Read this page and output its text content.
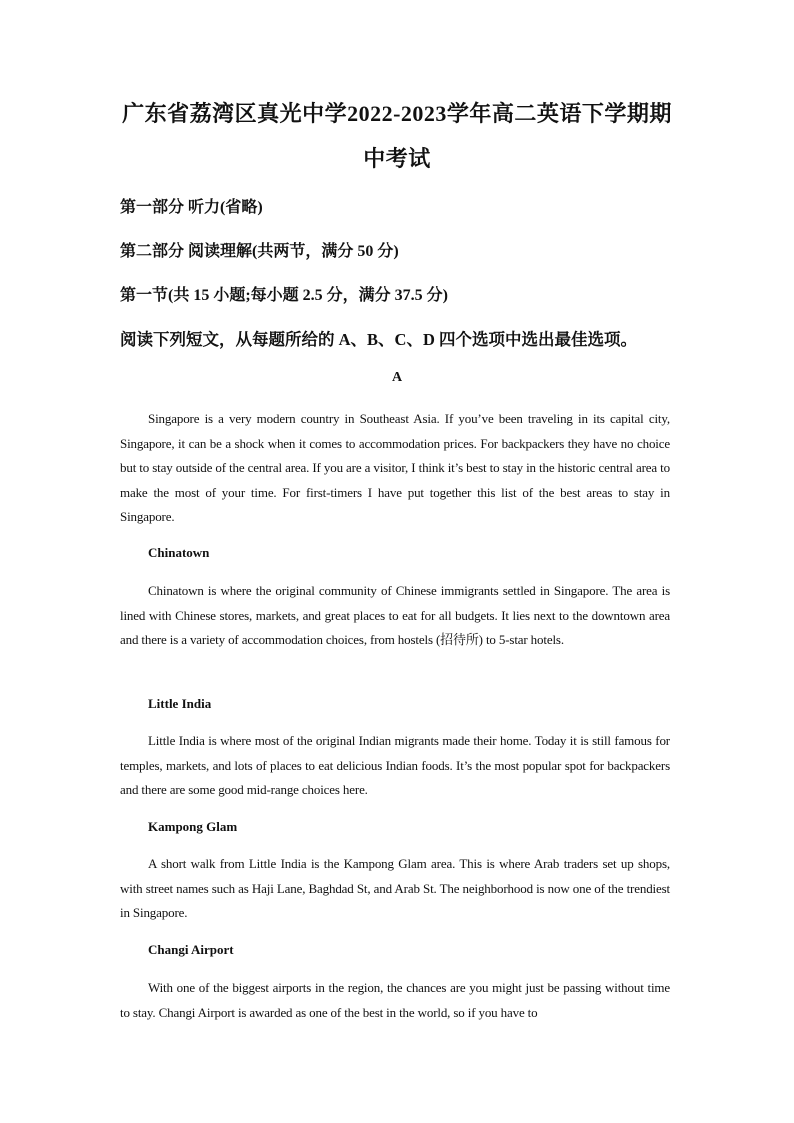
广东省荔湾区真光中学2022-2023学年高二英语下学期期
中考试
第一部分 听力(省略)
第二部分 阅读理解(共两节，满分 50 分)
第一节(共 15 小题;每小题 2.5 分，满分 37.5 分)
阅读下列短文，从每题所给的 A、B、C、D 四个选项中选出最佳选项。
A
Singapore is a very modern country in Southeast Asia. If you’ve been traveling in its capital city, Singapore, it can be a shock when it comes to accommodation prices. For backpackers they have no choice but to stay outside of the central area. If you are a visitor, I think it’s best to stay in the historic central area to make the most of your time. For first-timers I have put together this list of the best areas to stay in Singapore.
Chinatown
Chinatown is where the original community of Chinese immigrants settled in Singapore. The area is lined with Chinese stores, markets, and great places to eat for all budgets. It lies next to the downtown area and there is a variety of accommodation choices, from hostels (招待所) to 5-star hotels.
Little India
Little India is where most of the original Indian migrants made their home. Today it is still famous for temples, markets, and lots of places to eat delicious Indian foods. It’s the most popular spot for backpackers and there are some good mid-range choices here.
Kampong Glam
A short walk from Little India is the Kampong Glam area. This is where Arab traders set up shops, with street names such as Haji Lane, Baghdad St, and Arab St. The neighborhood is now one of the trendiest in Singapore.
Changi Airport
With one of the biggest airports in the region, the chances are you might just be passing without time to stay. Changi Airport is awarded as one of the best in the world, so if you have to
